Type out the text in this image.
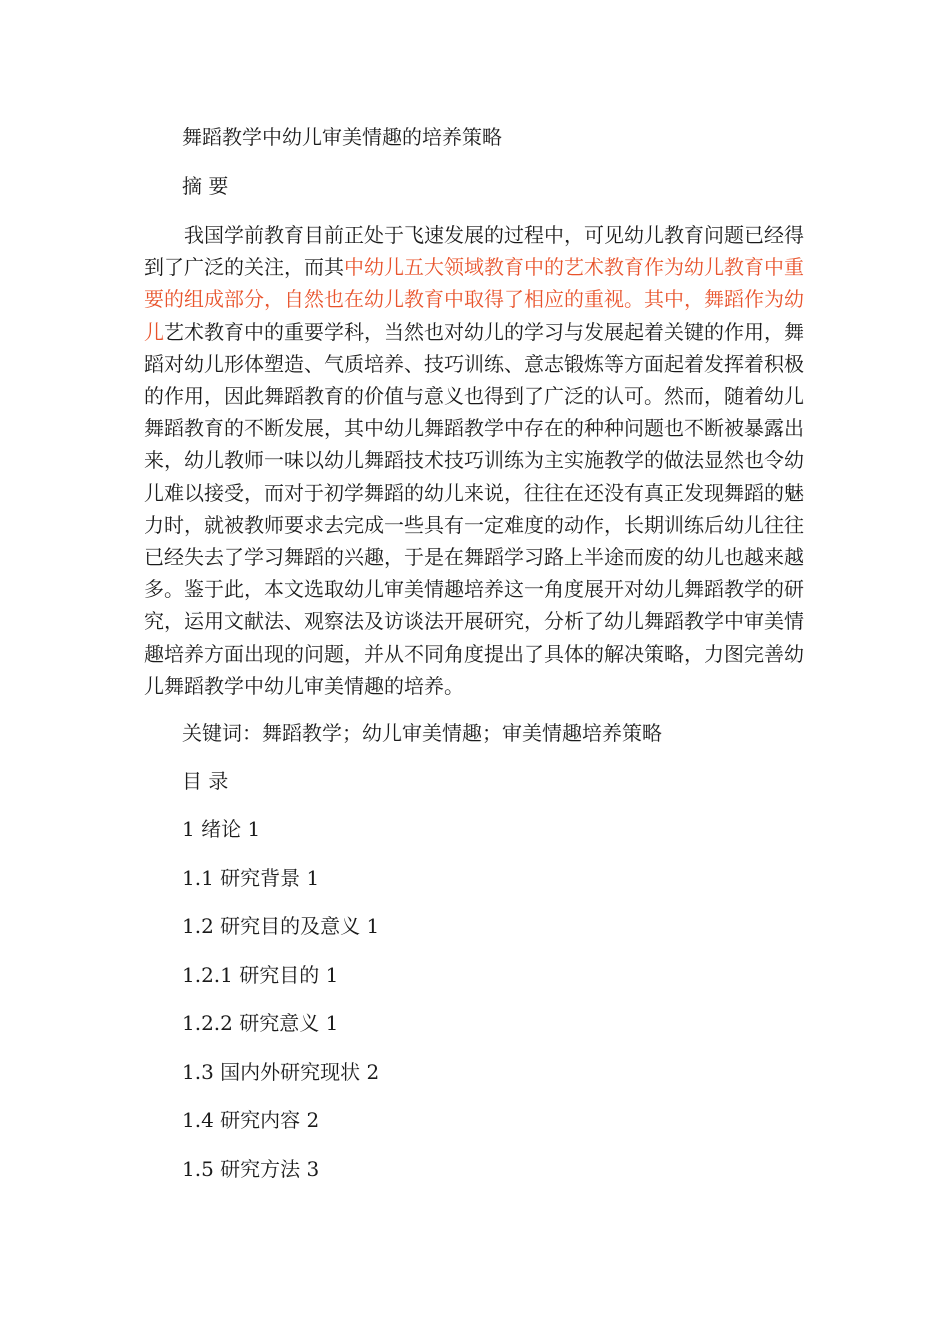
舞蹈教学中幼儿审美情趣的培养策略

摘 要

我国学前教育目前正处于飞速发展的过程中，可见幼儿教育问题已经得到了广泛的关注，而其中幼儿五大领域教育中的艺术教育作为幼儿教育中重要的组成部分，自然也在幼儿教育中取得了相应的重视。其中，舞蹈作为幼儿艺术教育中的重要学科，当然也对幼儿的学习与发展起着关键的作用，舞蹈对幼儿形体塑造、气质培养、技巧训练、意志锻炼等方面起着发挥着积极的作用，因此舞蹈教育的价值与意义也得到了广泛的认可。然而，随着幼儿舞蹈教育的不断发展，其中幼儿舞蹈教学中存在的种种问题也不断被暴露出来，幼儿教师一味以幼儿舞蹈技术技巧训练为主实施教学的做法显然也令幼儿难以接受，而对于初学舞蹈的幼儿来说，往往在还没有真正发现舞蹈的魅力时，就被教师要求去完成一些具有一定难度的动作，长期训练后幼儿往往已经失去了学习舞蹈的兴趣，于是在舞蹈学习路上半途而废的幼儿也越来越多。鉴于此，本文选取幼儿审美情趣培养这一角度展开对幼儿舞蹈教学的研究，运用文献法、观察法及访谈法开展研究，分析了幼儿舞蹈教学中审美情趣培养方面出现的问题，并从不同角度提出了具体的解决策略，力图完善幼儿舞蹈教学中幼儿审美情趣的培养。

关键词：舞蹈教学；幼儿审美情趣；审美情趣培养策略

目 录

1 绪论 1

1.1 研究背景 1

1.2 研究目的及意义 1

1.2.1 研究目的 1

1.2.2 研究意义 1

1.3 国内外研究现状 2

1.4 研究内容 2

1.5 研究方法 3
